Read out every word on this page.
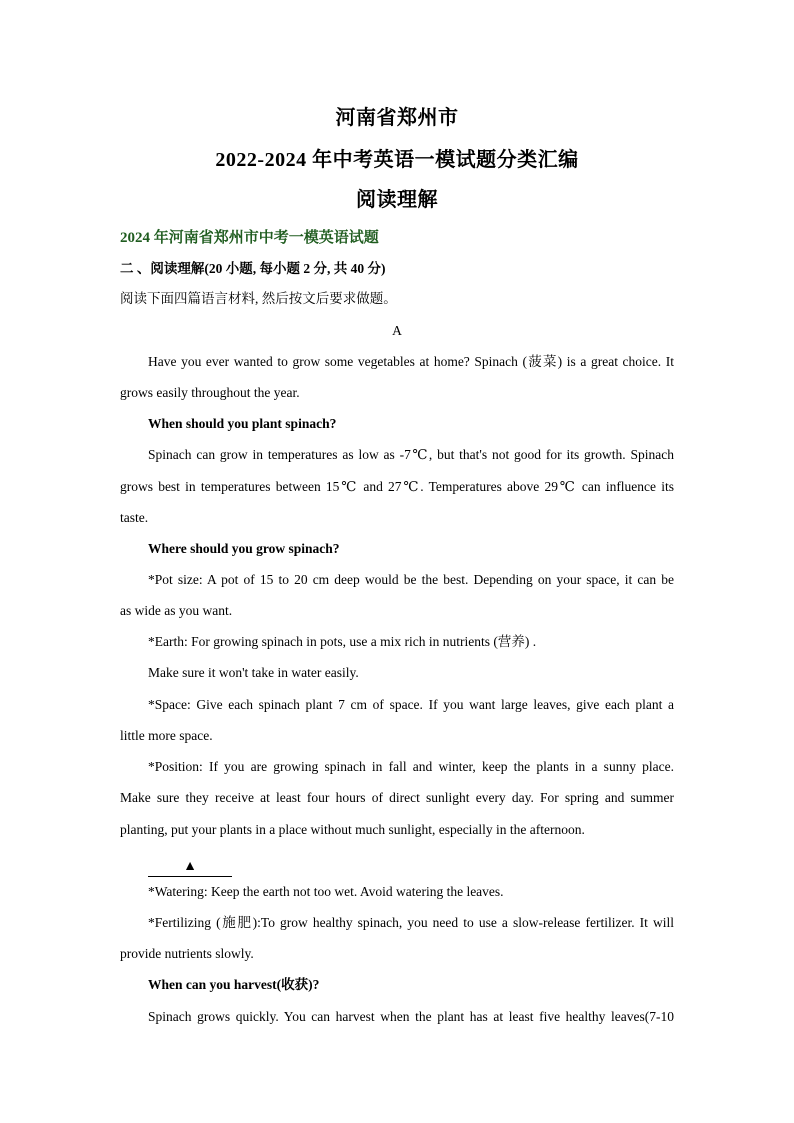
河南省郑州市
2022-2024 年中考英语一模试题分类汇编
阅读理解
2024 年河南省郑州市中考一模英语试题
二 、阅读理解(20 小题, 每小题 2 分, 共 40 分)
阅读下面四篇语言材料, 然后按文后要求做题。
A
Have you ever wanted to grow some vegetables at home? Spinach (菠菜) is a great choice. It
grows easily throughout the year.
When should you plant spinach?
Spinach can grow in temperatures as low as -7℃, but that's not good for its growth. Spinach
grows best in temperatures between 15℃ and 27℃. Temperatures above 29℃ can influence its
taste.
Where should you grow spinach?
*Pot size: A pot of 15 to 20 cm deep would be the best. Depending on your space, it can be
as wide as you want.
*Earth: For growing spinach in pots, use a mix rich in nutrients (营养) .
Make sure it won't take in water easily.
*Space: Give each spinach plant 7 cm of space. If you want large leaves, give each plant a
little more space.
*Position: If you are growing spinach in fall and winter, keep the plants in a sunny place.
Make sure they receive at least four hours of direct sunlight every day. For spring and summer
planting, put your plants in a place without much sunlight, especially in the afternoon.
▲
*Watering: Keep the earth not too wet. Avoid watering the leaves.
*Fertilizing (施肥):To grow healthy spinach, you need to use a slow-release fertilizer. It will
provide nutrients slowly.
When can you harvest(收获)?
Spinach grows quickly. You can harvest when the plant has at least five healthy leaves(7-10
